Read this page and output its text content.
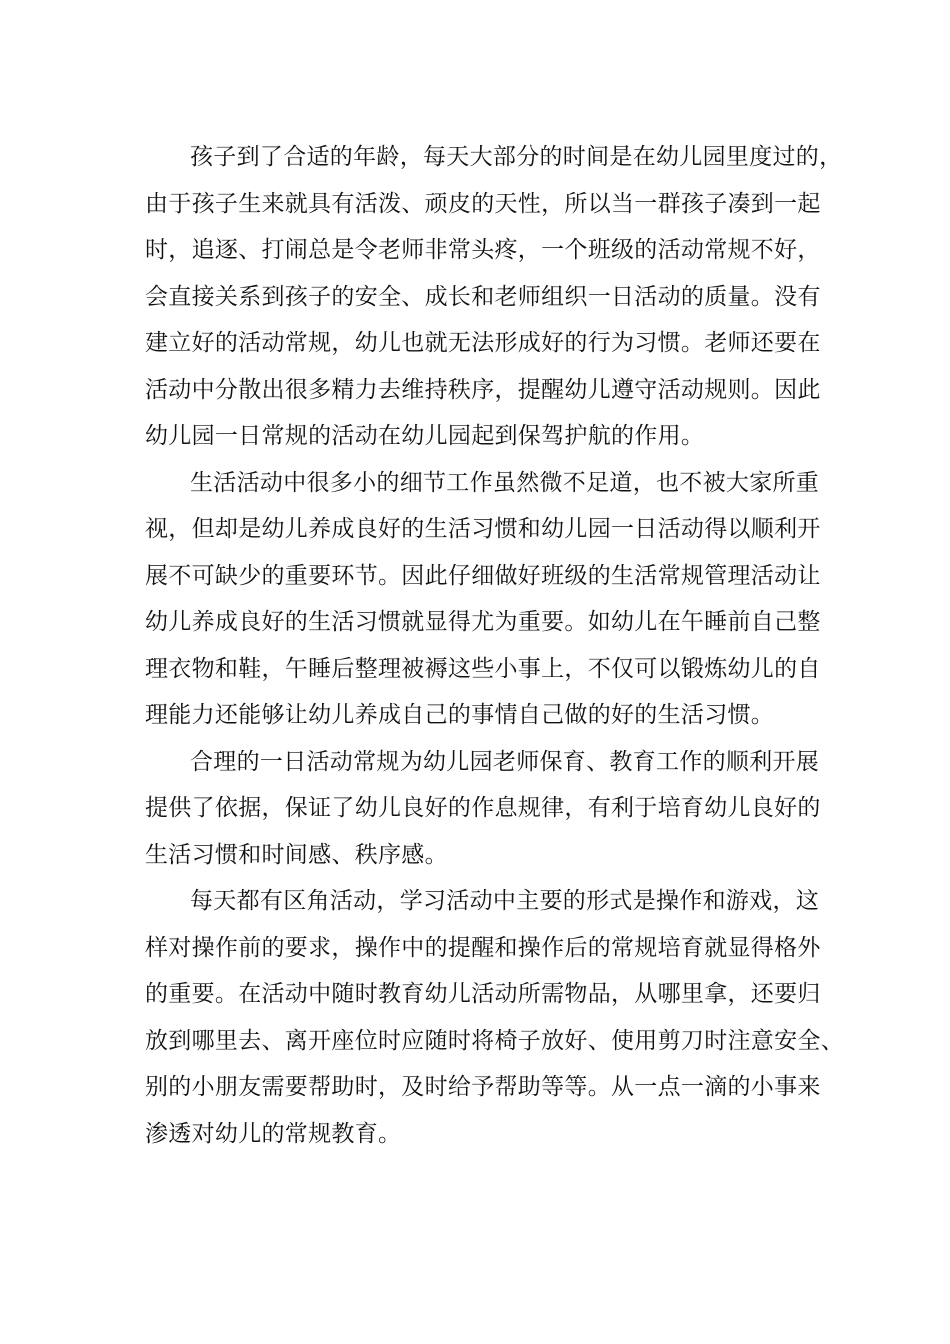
孩子到了合适的年龄，每天大部分的时间是在幼儿园里度过的，
由于孩子生来就具有活泼、顽皮的天性，所以当一群孩子凑到一起
时，追逐、打闹总是令老师非常头疼，一个班级的活动常规不好，
会直接关系到孩子的安全、成长和老师组织一日活动的质量。没有
建立好的活动常规，幼儿也就无法形成好的行为习惯。老师还要在
活动中分散出很多精力去维持秩序，提醒幼儿遵守活动规则。因此
幼儿园一日常规的活动在幼儿园起到保驾护航的作用。
生活活动中很多小的细节工作虽然微不足道，也不被大家所重
视，但却是幼儿养成良好的生活习惯和幼儿园一日活动得以顺利开
展不可缺少的重要环节。因此仔细做好班级的生活常规管理活动让
幼儿养成良好的生活习惯就显得尤为重要。如幼儿在午睡前自己整
理衣物和鞋，午睡后整理被褥这些小事上，不仅可以锻炼幼儿的自
理能力还能够让幼儿养成自己的事情自己做的好的生活习惯。
合理的一日活动常规为幼儿园老师保育、教育工作的顺利开展
提供了依据，保证了幼儿良好的作息规律，有利于培育幼儿良好的
生活习惯和时间感、秩序感。
每天都有区角活动，学习活动中主要的形式是操作和游戏，这
样对操作前的要求，操作中的提醒和操作后的常规培育就显得格外
的重要。在活动中随时教育幼儿活动所需物品，从哪里拿，还要归
放到哪里去、离开座位时应随时将椅子放好、使用剪刀时注意安全、
别的小朋友需要帮助时，及时给予帮助等等。从一点一滴的小事来
渗透对幼儿的常规教育。
